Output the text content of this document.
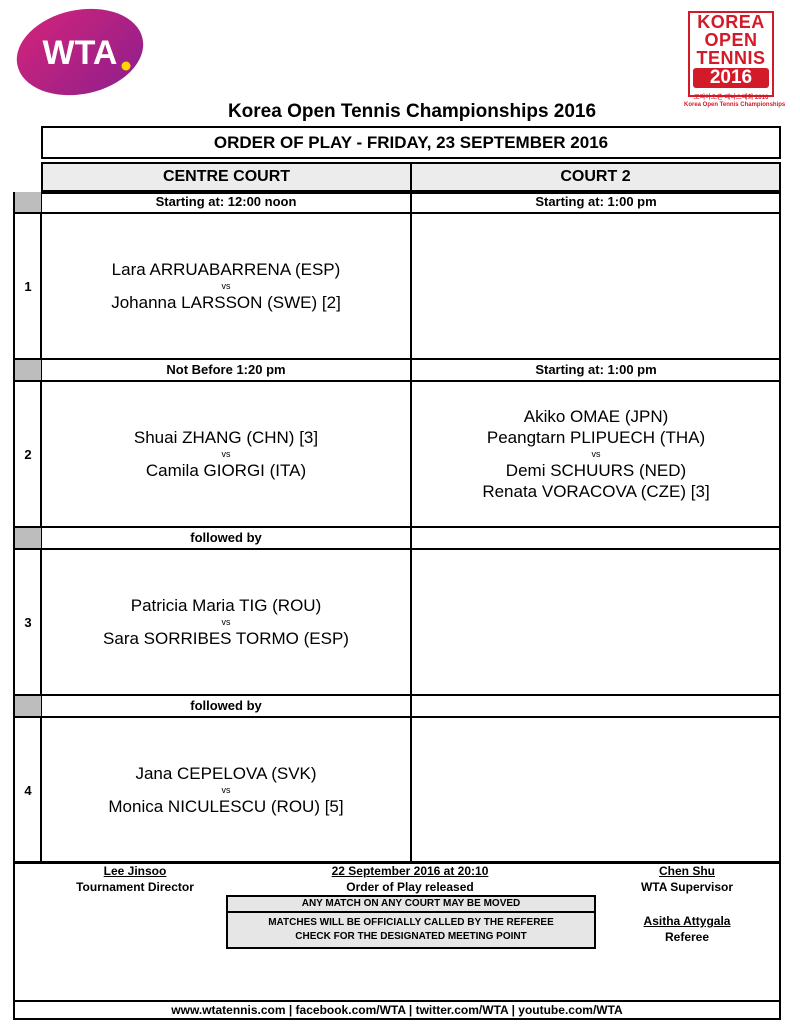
WTA
KOREA
OPEN
TENNIS
2016
코리아오픈 테니스대회 2016
Korea Open Tennis Championships
Korea Open Tennis Championships 2016
ORDER OF PLAY - FRIDAY, 23 SEPTEMBER 2016
CENTRE COURT	COURT 2
1
Starting at: 12:00 noon
Lara ARRUABARRENA (ESP)
vs
Johanna LARSSON (SWE) [2]
Starting at: 1:00 pm
2
Not Before 1:20 pm
Shuai ZHANG (CHN) [3]
vs
Camila GIORGI (ITA)
Starting at: 1:00 pm
Akiko OMAE (JPN)
Peangtarn PLIPUECH (THA)
vs
Demi SCHUURS (NED)
Renata VORACOVA (CZE) [3]
3
followed by
Patricia Maria TIG (ROU)
vs
Sara SORRIBES TORMO (ESP)
4
followed by
Jana CEPELOVA (SVK)
vs
Monica NICULESCU (ROU) [5]
Lee Jinsoo
Tournament Director
22 September 2016 at 20:10
Order of Play released
Chen Shu
WTA Supervisor
Asitha Attygala
Referee
ANY MATCH ON ANY COURT MAY BE MOVED
MATCHES WILL BE OFFICIALLY CALLED BY THE REFEREE
CHECK FOR THE DESIGNATED MEETING POINT
www.wtatennis.com | facebook.com/WTA | twitter.com/WTA | youtube.com/WTA
